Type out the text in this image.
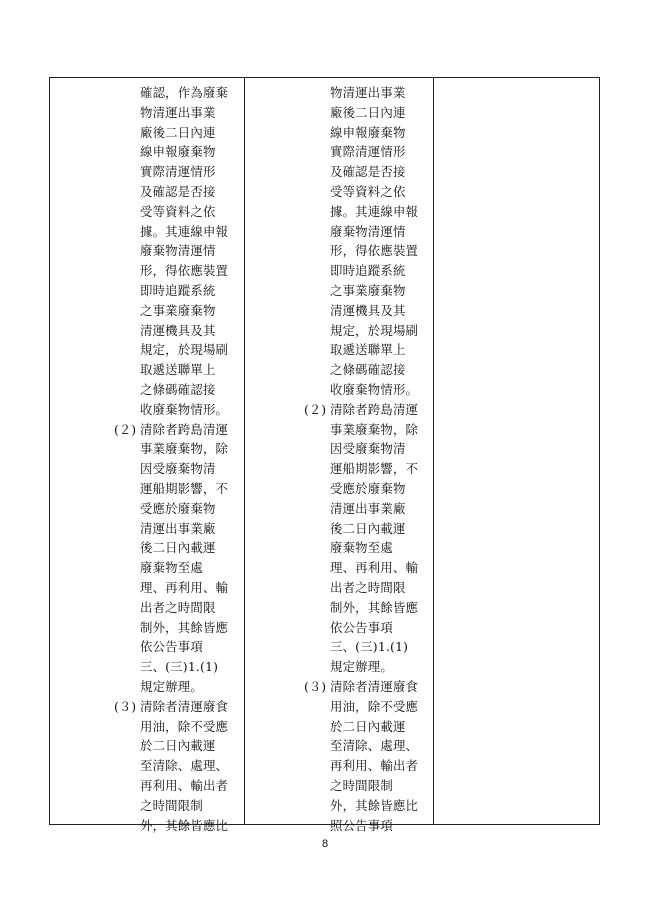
確認，作為廢棄
物清運出事業
廠後二日內連
線申報廢棄物
實際清運情形
及確認是否接
受等資料之依
據。其連線申報
廢棄物清運情
形，得依應裝置
即時追蹤系統
之事業廢棄物
清運機具及其
規定，於現場刷
取遞送聯單上
之條碼確認接
收廢棄物情形。
清除者跨島清運
事業廢棄物，除
因受廢棄物清
運船期影響，不
受應於廢棄物
清運出事業廠
後二日內載運
廢棄物至處
理、再利用、輸
出者之時間限
制外，其餘皆應
依公告事項
三、(三)1.(1)
規定辦理。
清除者清運廢食
用油，除不受應
於二日內載運
至清除、處理、
再利用、輸出者
之時間限制
外，其餘皆應比
(２)
(３)
物清運出事業
廠後二日內連
線申報廢棄物
實際清運情形
及確認是否接
受等資料之依
據。其連線申報
廢棄物清運情
形，得依應裝置
即時追蹤系統
之事業廢棄物
清運機具及其
規定，於現場刷
取遞送聯單上
之條碼確認接
收廢棄物情形。
清除者跨島清運
事業廢棄物，除
因受廢棄物清
運船期影響，不
受應於廢棄物
清運出事業廠
後二日內載運
廢棄物至處
理、再利用、輸
出者之時間限
制外，其餘皆應
依公告事項
三、(三)1.(1)
規定辦理。
清除者清運廢食
用油，除不受應
於二日內載運
至清除、處理、
再利用、輸出者
之時間限制
外，其餘皆應比
照公告事項
(２)
(３)
8
